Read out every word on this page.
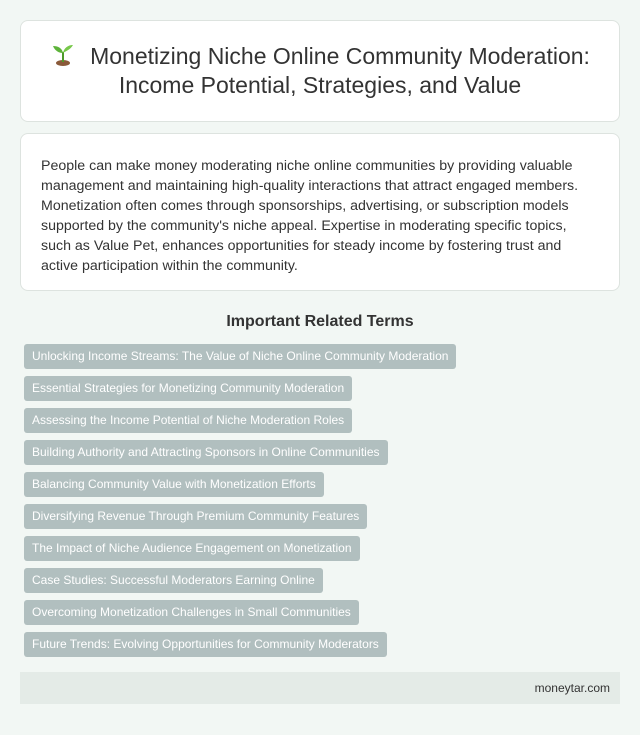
Monetizing Niche Online Community Moderation: Income Potential, Strategies, and Value

People can make money moderating niche online communities by providing valuable management and maintaining high-quality interactions that attract engaged members. Monetization often comes through sponsorships, advertising, or subscription models supported by the community's niche appeal. Expertise in moderating specific topics, such as Value Pet, enhances opportunities for steady income by fostering trust and active participation within the community.

Important Related Terms
Unlocking Income Streams: The Value of Niche Online Community Moderation
Essential Strategies for Monetizing Community Moderation
Assessing the Income Potential of Niche Moderation Roles
Building Authority and Attracting Sponsors in Online Communities
Balancing Community Value with Monetization Efforts
Diversifying Revenue Through Premium Community Features
The Impact of Niche Audience Engagement on Monetization
Case Studies: Successful Moderators Earning Online
Overcoming Monetization Challenges in Small Communities
Future Trends: Evolving Opportunities for Community Moderators
moneytar.com
